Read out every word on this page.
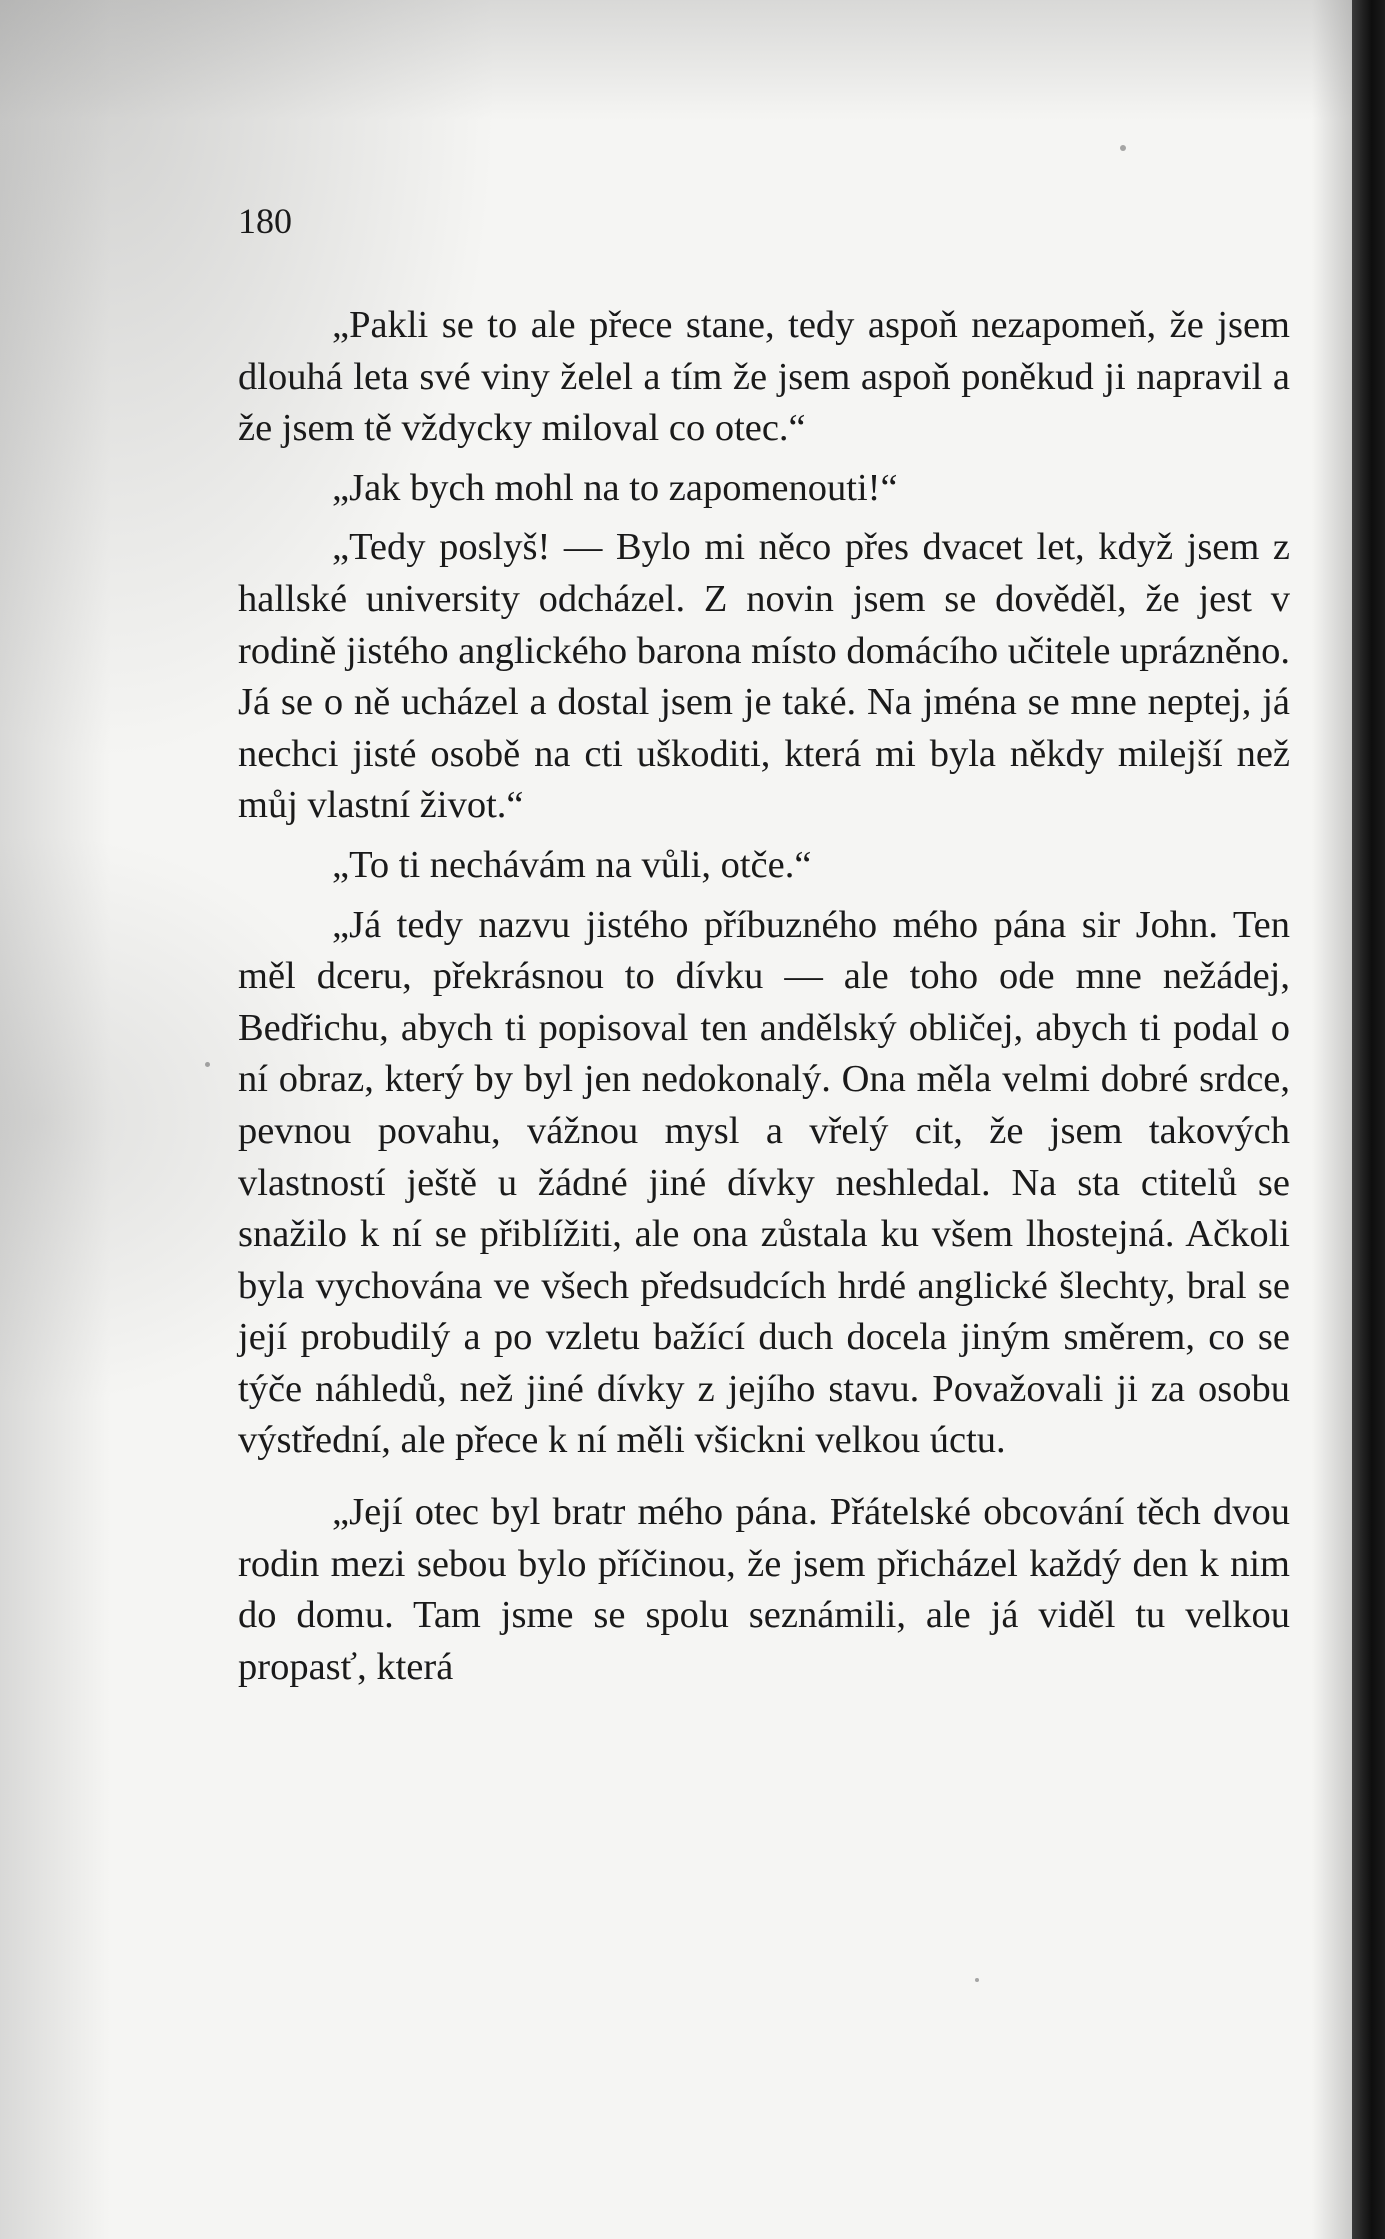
180

„Pakli se to ale přece stane, tedy aspoň nezapomeň, že jsem dlouhá leta své viny želel a tím že jsem aspoň poněkud ji napravil a že jsem tě vždycky miloval co otec.“

„Jak bych mohl na to zapomenouti!“

„Tedy poslyš! — Bylo mi něco přes dvacet let, když jsem z hallské university odcházel. Z novin jsem se dověděl, že jest v rodině jistého anglického barona místo domácího učitele uprázněno. Já se o ně ucházel a dostal jsem je také. Na jména se mne neptej, já nechci jisté osobě na cti uškoditi, která mi byla někdy milejší než můj vlastní život.“

„To ti nechávám na vůli, otče.“

„Já tedy nazvu jistého příbuzného mého pána sir John. Ten měl dceru, překrásnou to dívku — ale toho ode mne nežádej, Bedřichu, abych ti popisoval ten andělský obličej, abych ti podal o ní obraz, který by byl jen nedokonalý. Ona měla velmi dobré srdce, pevnou povahu, vážnou mysl a vřelý cit, že jsem takových vlastností ještě u žádné jiné dívky neshledal. Na sta ctitelů se snažilo k ní se přiblížiti, ale ona zůstala ku všem lhostejná. Ačkoli byla vychována ve všech předsudcích hrdé anglické šlechty, bral se její probudilý a po vzletu bažící duch docela jiným směrem, co se týče náhledů, než jiné dívky z jejího stavu. Považovali ji za osobu výstřední, ale přece k ní měli všickni velkou úctu.

„Její otec byl bratr mého pána. Přátelské obcování těch dvou rodin mezi sebou bylo příčinou, že jsem přicházel každý den k nim do domu. Tam jsme se spolu seznámili, ale já viděl tu velkou propasť, která
